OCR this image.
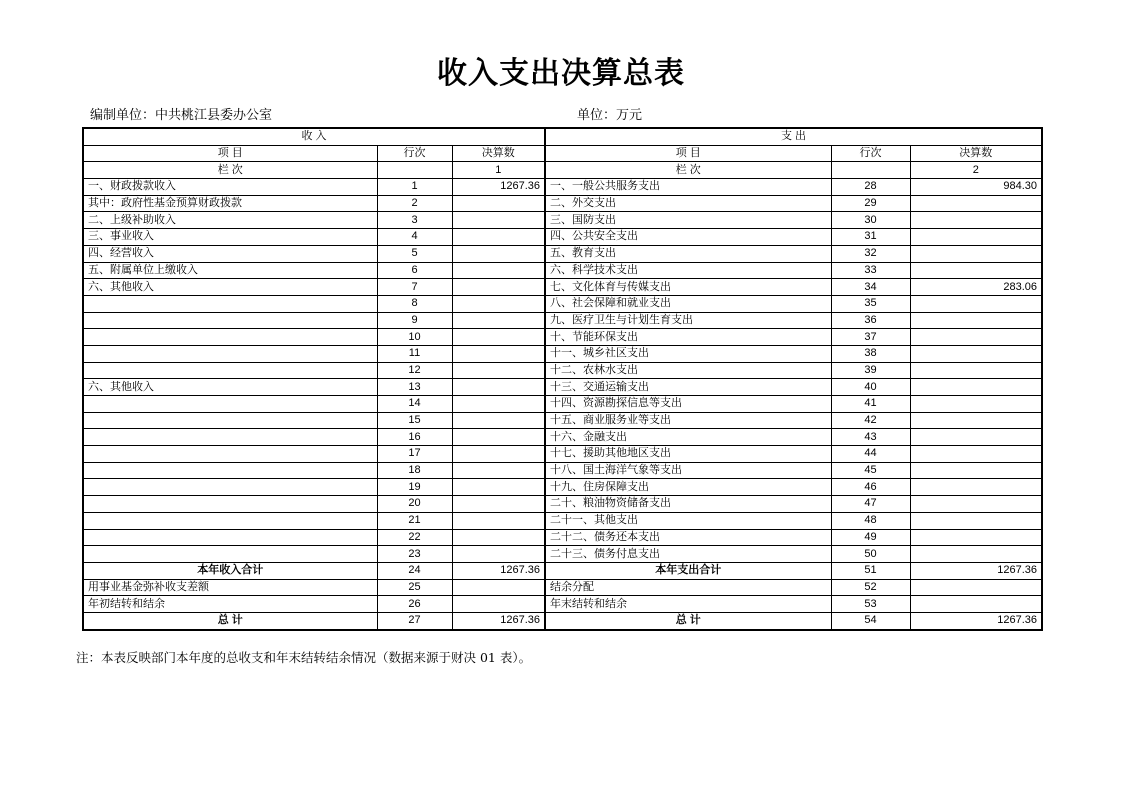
收入支出决算总表
编制单位：中共桃江县委办公室	单位：万元
收 入			支 出		
项 目	行次	决算数	项 目	行次	决算数
栏 次		1	栏 次		2
一、财政拨款收入	1	1267.36	一、一般公共服务支出	28	984.30
其中：政府性基金预算财政拨款	2		二、外交支出	29	
二、上级补助收入	3		三、国防支出	30	
三、事业收入	4		四、公共安全支出	31	
四、经营收入	5		五、教育支出	32	
五、附属单位上缴收入	6		六、科学技术支出	33	
六、其他收入	7		七、文化体育与传媒支出	34	283.06
	8		八、社会保障和就业支出	35	
	9		九、医疗卫生与计划生育支出	36	
	10		十、节能环保支出	37	
	11		十一、城乡社区支出	38	
	12		十二、农林水支出	39	
六、其他收入	13		十三、交通运输支出	40	
	14		十四、资源勘探信息等支出	41	
	15		十五、商业服务业等支出	42	
	16		十六、金融支出	43	
	17		十七、援助其他地区支出	44	
	18		十八、国土海洋气象等支出	45	
	19		十九、住房保障支出	46	
	20		二十、粮油物资储备支出	47	
	21		二十一、其他支出	48	
	22		二十二、债务还本支出	49	
	23		二十三、债务付息支出	50	
本年收入合计	24	1267.36	本年支出合计	51	1267.36
用事业基金弥补收支差额	25		结余分配	52	
年初结转和结余	26		年末结转和结余	53	
总 计	27	1267.36	总 计	54	1267.36
注：本表反映部门本年度的总收支和年末结转结余情况（数据来源于财决 01 表）。
